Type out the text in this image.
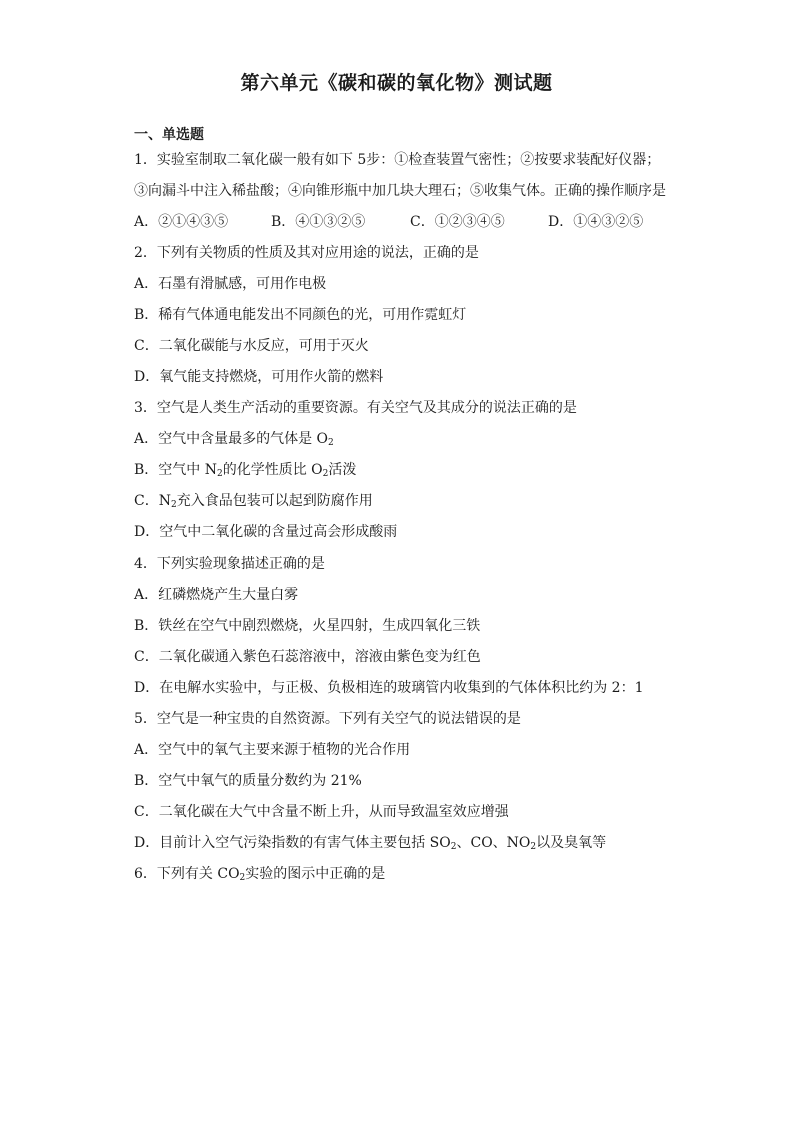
第六单元《碳和碳的氧化物》测试题
一、单选题
1．实验室制取二氧化碳一般有如下 5步：①检查装置气密性；②按要求装配好仪器；
③向漏斗中注入稀盐酸；④向锥形瓶中加几块大理石；⑤收集气体。正确的操作顺序是
A．②①④③⑤	B．④①③②⑤	C．①②③④⑤	D．①④③②⑤
2．下列有关物质的性质及其对应用途的说法，正确的是
A．石墨有滑腻感，可用作电极
B．稀有气体通电能发出不同颜色的光，可用作霓虹灯
C．二氧化碳能与水反应，可用于灭火
D．氧气能支持燃烧，可用作火箭的燃料
3．空气是人类生产活动的重要资源。有关空气及其成分的说法正确的是
A．空气中含量最多的气体是 $O_2$
B．空气中 $N_2$的化学性质比 $O_2$活泼
C．$N_2$充入食品包装可以起到防腐作用
D．空气中二氧化碳的含量过高会形成酸雨
4．下列实验现象描述正确的是
A．红磷燃烧产生大量白雾
B．铁丝在空气中剧烈燃烧，火星四射，生成四氧化三铁
C．二氧化碳通入紫色石蕊溶液中，溶液由紫色变为红色
D．在电解水实验中，与正极、负极相连的玻璃管内收集到的气体体积比约为 2：1
5．空气是一种宝贵的自然资源。下列有关空气的说法错误的是
A．空气中的氧气主要来源于植物的光合作用
B．空气中氧气的质量分数约为 21%
C．二氧化碳在大气中含量不断上升，从而导致温室效应增强
D．目前计入空气污染指数的有害气体主要包括 $SO_2$、CO、$NO_2$以及臭氧等
6．下列有关 $CO_2$实验的图示中正确的是
